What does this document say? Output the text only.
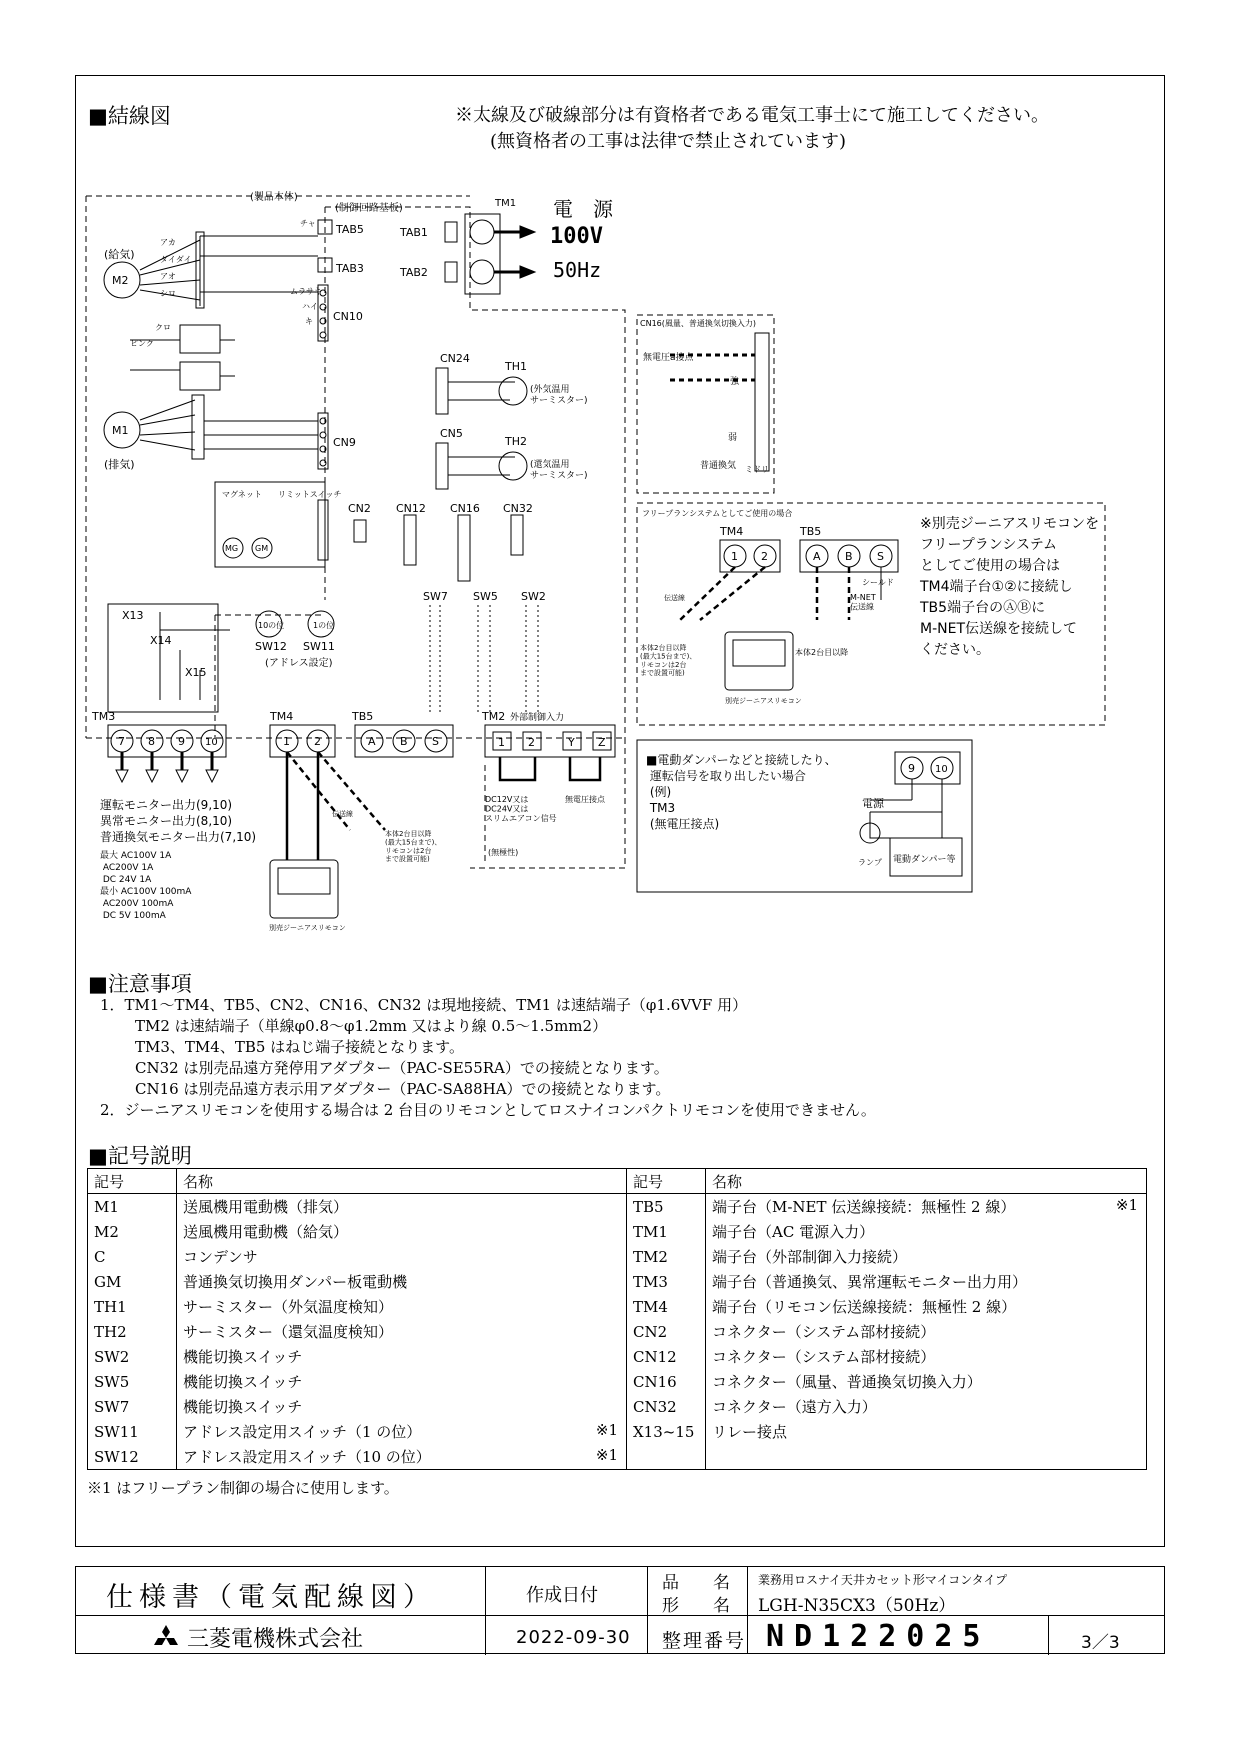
■結線図	※太線及び破線部分は有資格者である電気工事士にて施工してください。
(無資格者の工事は法律で禁止されています)
(製品本体)
(制御回路基板)	TM1
TAB1
TAB2
TAB5
TAB3
CN10
CN9
CN24
CN5
TH1
TH2
(外気温用サーミスター)
(還気温用サーミスター)
(給気)
M2
M1
(排気)
アカ
ダイダイ
アオ
シロ
クロ
ピンク
チャ
ムラサキ
ハイ
キ
ミドリ
マグネット リミットスイッチ
MG GM
CN2 CN12 CN16 CN32
SW7 SW5 SW2
SW12 SW11
(アドレス設定)
10の位	1の位
X13
X14
X15
TM3	TM4	TB5	TM2 外部制御入力
CN16(風量、普通換気切換入力)
無電圧a接点
強
弱
普通換気
フリープランシステムとしてご使用の場合
TM4	TB5
シールド
M-NET 伝送線
本体2台目以降
別売ジーニアスリモコン
本体2台目以降(最大15台まで)、リモコンは2台まで設置可能)
伝送線
別売ジーニアスリモコン
本体2台目以降(最大15台まで)、リモコンは2台まで設置可能)
伝送線
DC12V又は DC24V又はスリムエアコン信号
(無極性)
無電圧接点	電源
ランプ 電動ダンパー等
7 8 9 10	1 2	A B S	1 2	Y Z
1 2	A B S
9 10
電　源
100V
50Hz
※別売ジーニアスリモコンを
フリープランシステム
としてご使用の場合は
TM4端子台①②に接続し
TB5端子台のⒶⒷに
M-NET伝送線を接続して
ください。
運転モニター出力(9,10)
異常モニター出力(8,10)
普通換気モニター出力(7,10)
最大 AC100V 1A
AC200V 1A
DC 24V 1A
最小 AC100V 100mA
AC200V 100mA
DC 5V 100mA
■電動ダンパーなどと接続したり、
運転信号を取り出したい場合
(例)
TM3
(無電圧接点)
■注意事項
1．TM1～TM4、TB5、CN2、CN16、CN32 は現地接続、TM1 は速結端子（φ1.6VVF 用）
TM2 は速結端子（単線φ0.8～φ1.2mm 又はより線 0.5～1.5mm2）
TM3、TM4、TB5 はねじ端子接続となります。
CN32 は別売品遠方発停用アダプター（PAC-SE55RA）での接続となります。
CN16 は別売品遠方表示用アダプター（PAC-SA88HA）での接続となります。
2．ジーニアスリモコンを使用する場合は 2 台目のリモコンとしてロスナイコンパクトリモコンを使用できません。
■記号説明
記号	名称	記号	名称
M1	送風機用電動機（排気）	TB5	端子台（M-NET 伝送線接続：無極性 2 線） ※1

M2	送風機用電動機（給気）	TM1	端子台（AC 電源入力）

C	コンデンサ	TM2	端子台（外部制御入力接続）

GM	普通換気切換用ダンパー板電動機	TM3	端子台（普通換気、異常運転モニター出力用）

TH1	サーミスター（外気温度検知）	TM4	端子台（リモコン伝送線接続：無極性 2 線）

TH2	サーミスター（還気温度検知）	CN2	コネクター（システム部材接続）

SW2	機能切換スイッチ	CN12	コネクター（システム部材接続）

SW5	機能切換スイッチ	CN16	コネクター（風量、普通換気切換入力）

SW7	機能切換スイッチ	CN32	コネクター（遠方入力）

SW11	アドレス設定用スイッチ（1 の位） ※1	X13~15	リレー接点

SW12	アドレス設定用スイッチ（10 の位） ※1		

※1 はフリープラン制御の場合に使用します。
仕様書（電気配線図）	作成日付
品　　名
形　　名
業務用ロスナイ天井カセット形マイコンタイプ
LGH-N35CX3（50Hz）
三菱電機株式会社	2022-09-30 整理番号 ND122025	3／3
